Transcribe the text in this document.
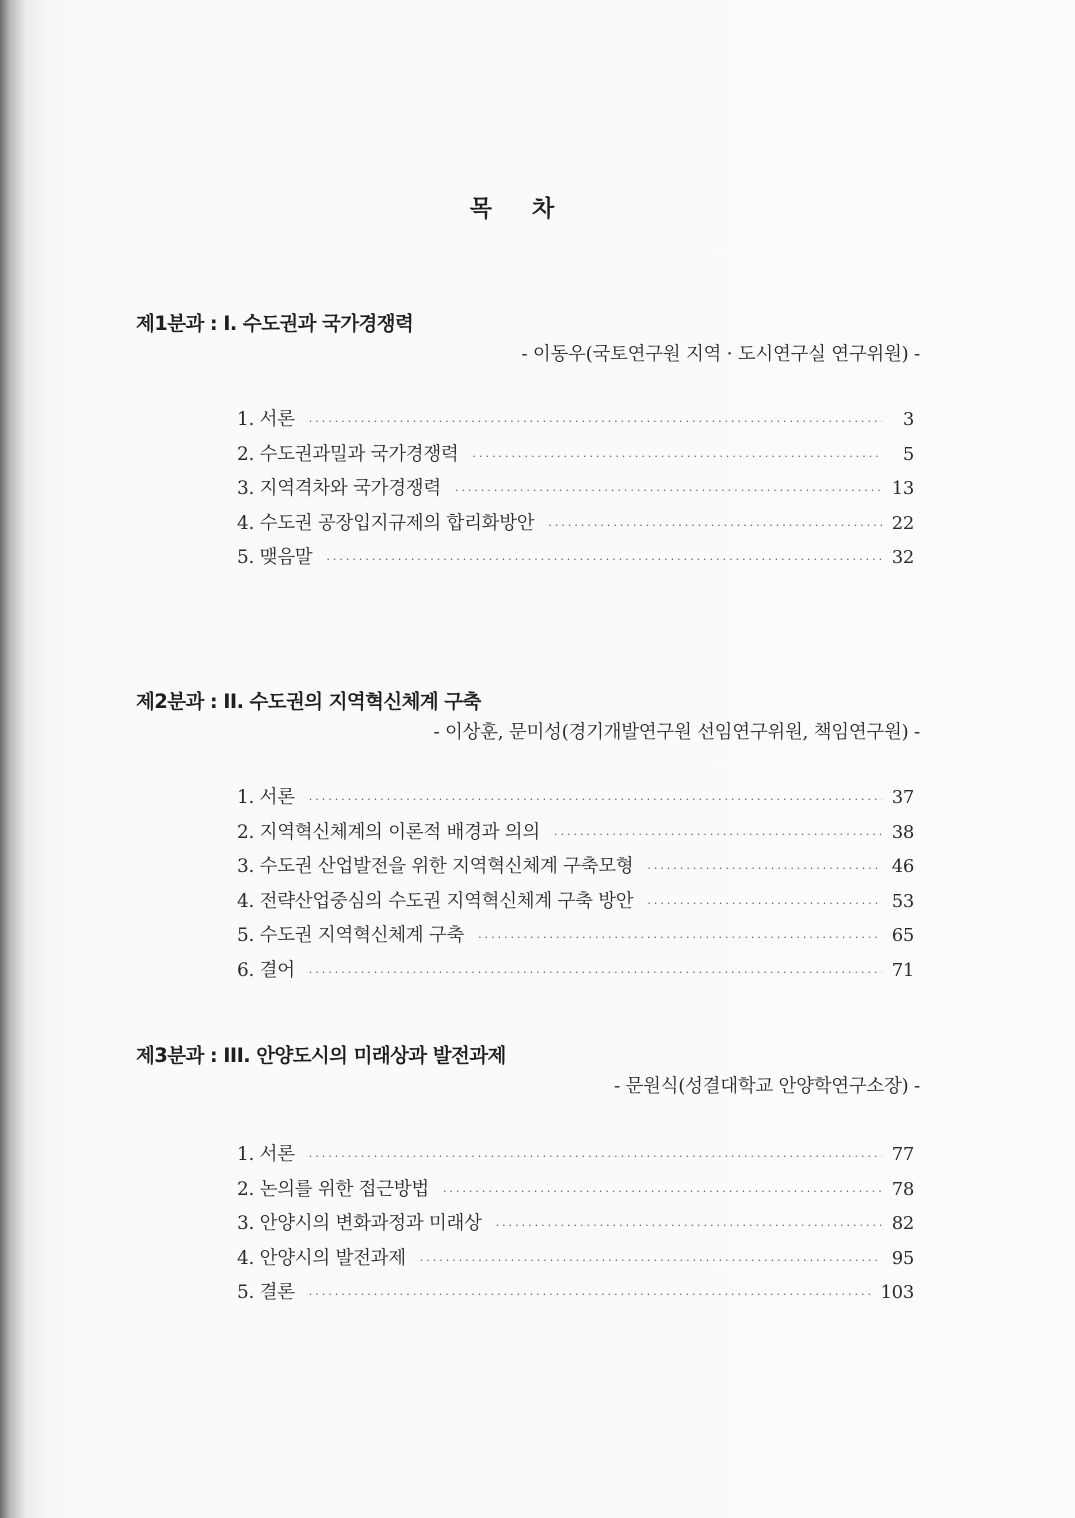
목 차
제1분과 : I. 수도권과 국가경쟁력
- 이동우(국토연구원 지역 · 도시연구실 연구위원) -
1. 서론 ·····	3
2. 수도권과밀과 국가경쟁력 ·····	5
3. 지역격차와 국가경쟁력 ·····	13
4. 수도권 공장입지규제의 합리화방안 ·····	22
5. 맺음말 ·····	32
제2분과 : II. 수도권의 지역혁신체계 구축
- 이상훈, 문미성(경기개발연구원 선임연구위원, 책임연구원) -
1. 서론 ·····	37
2. 지역혁신체계의 이론적 배경과 의의 ·····	38
3. 수도권 산업발전을 위한 지역혁신체계 구축모형 ·····	46
4. 전략산업중심의 수도권 지역혁신체계 구축 방안 ·····	53
5. 수도권 지역혁신체계 구축 ·····	65
6. 결어 ·····	71
제3분과 : III. 안양도시의 미래상과 발전과제
- 문원식(성결대학교 안양학연구소장) -
1. 서론 ·····	77
2. 논의를 위한 접근방법 ·····	78
3. 안양시의 변화과정과 미래상 ·····	82
4. 안양시의 발전과제 ·····	95
5. 결론 ·····	103
